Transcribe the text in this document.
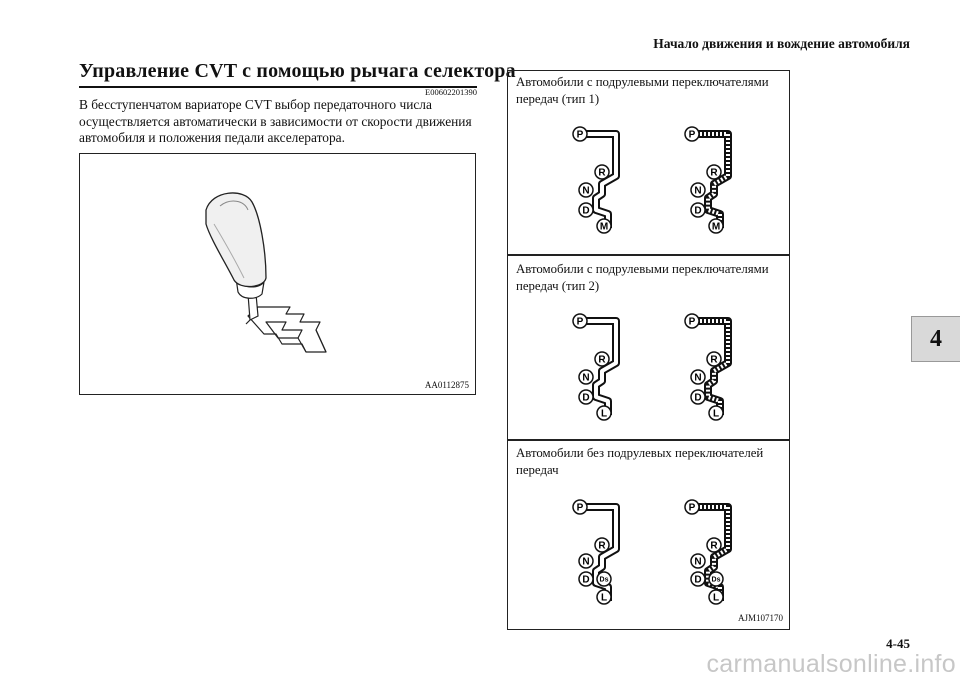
Начало движения и вождение автомобиля
4
Управление CVT с помощью рычага селектора
E00602201390

В бесступенчатом вариаторе CVT выбор передаточного числа осуществляется автоматически в зависимости от скорости движения автомобиля и положения педали акселератора.

AA0112875

Автомобили с подрулевыми переключателями передач (тип 1)

P
R
N
D
M
P
R
N
D
M

Автомобили с подрулевыми переключателями передач (тип 2)

P
R
N
D
L
P
R
N
D
L

Автомобили без подрулевых переключателей передач

P
R
N
D Ds
L
P
R
N
D Ds
L
AJM107170
4-45
carmanualsonline.info
